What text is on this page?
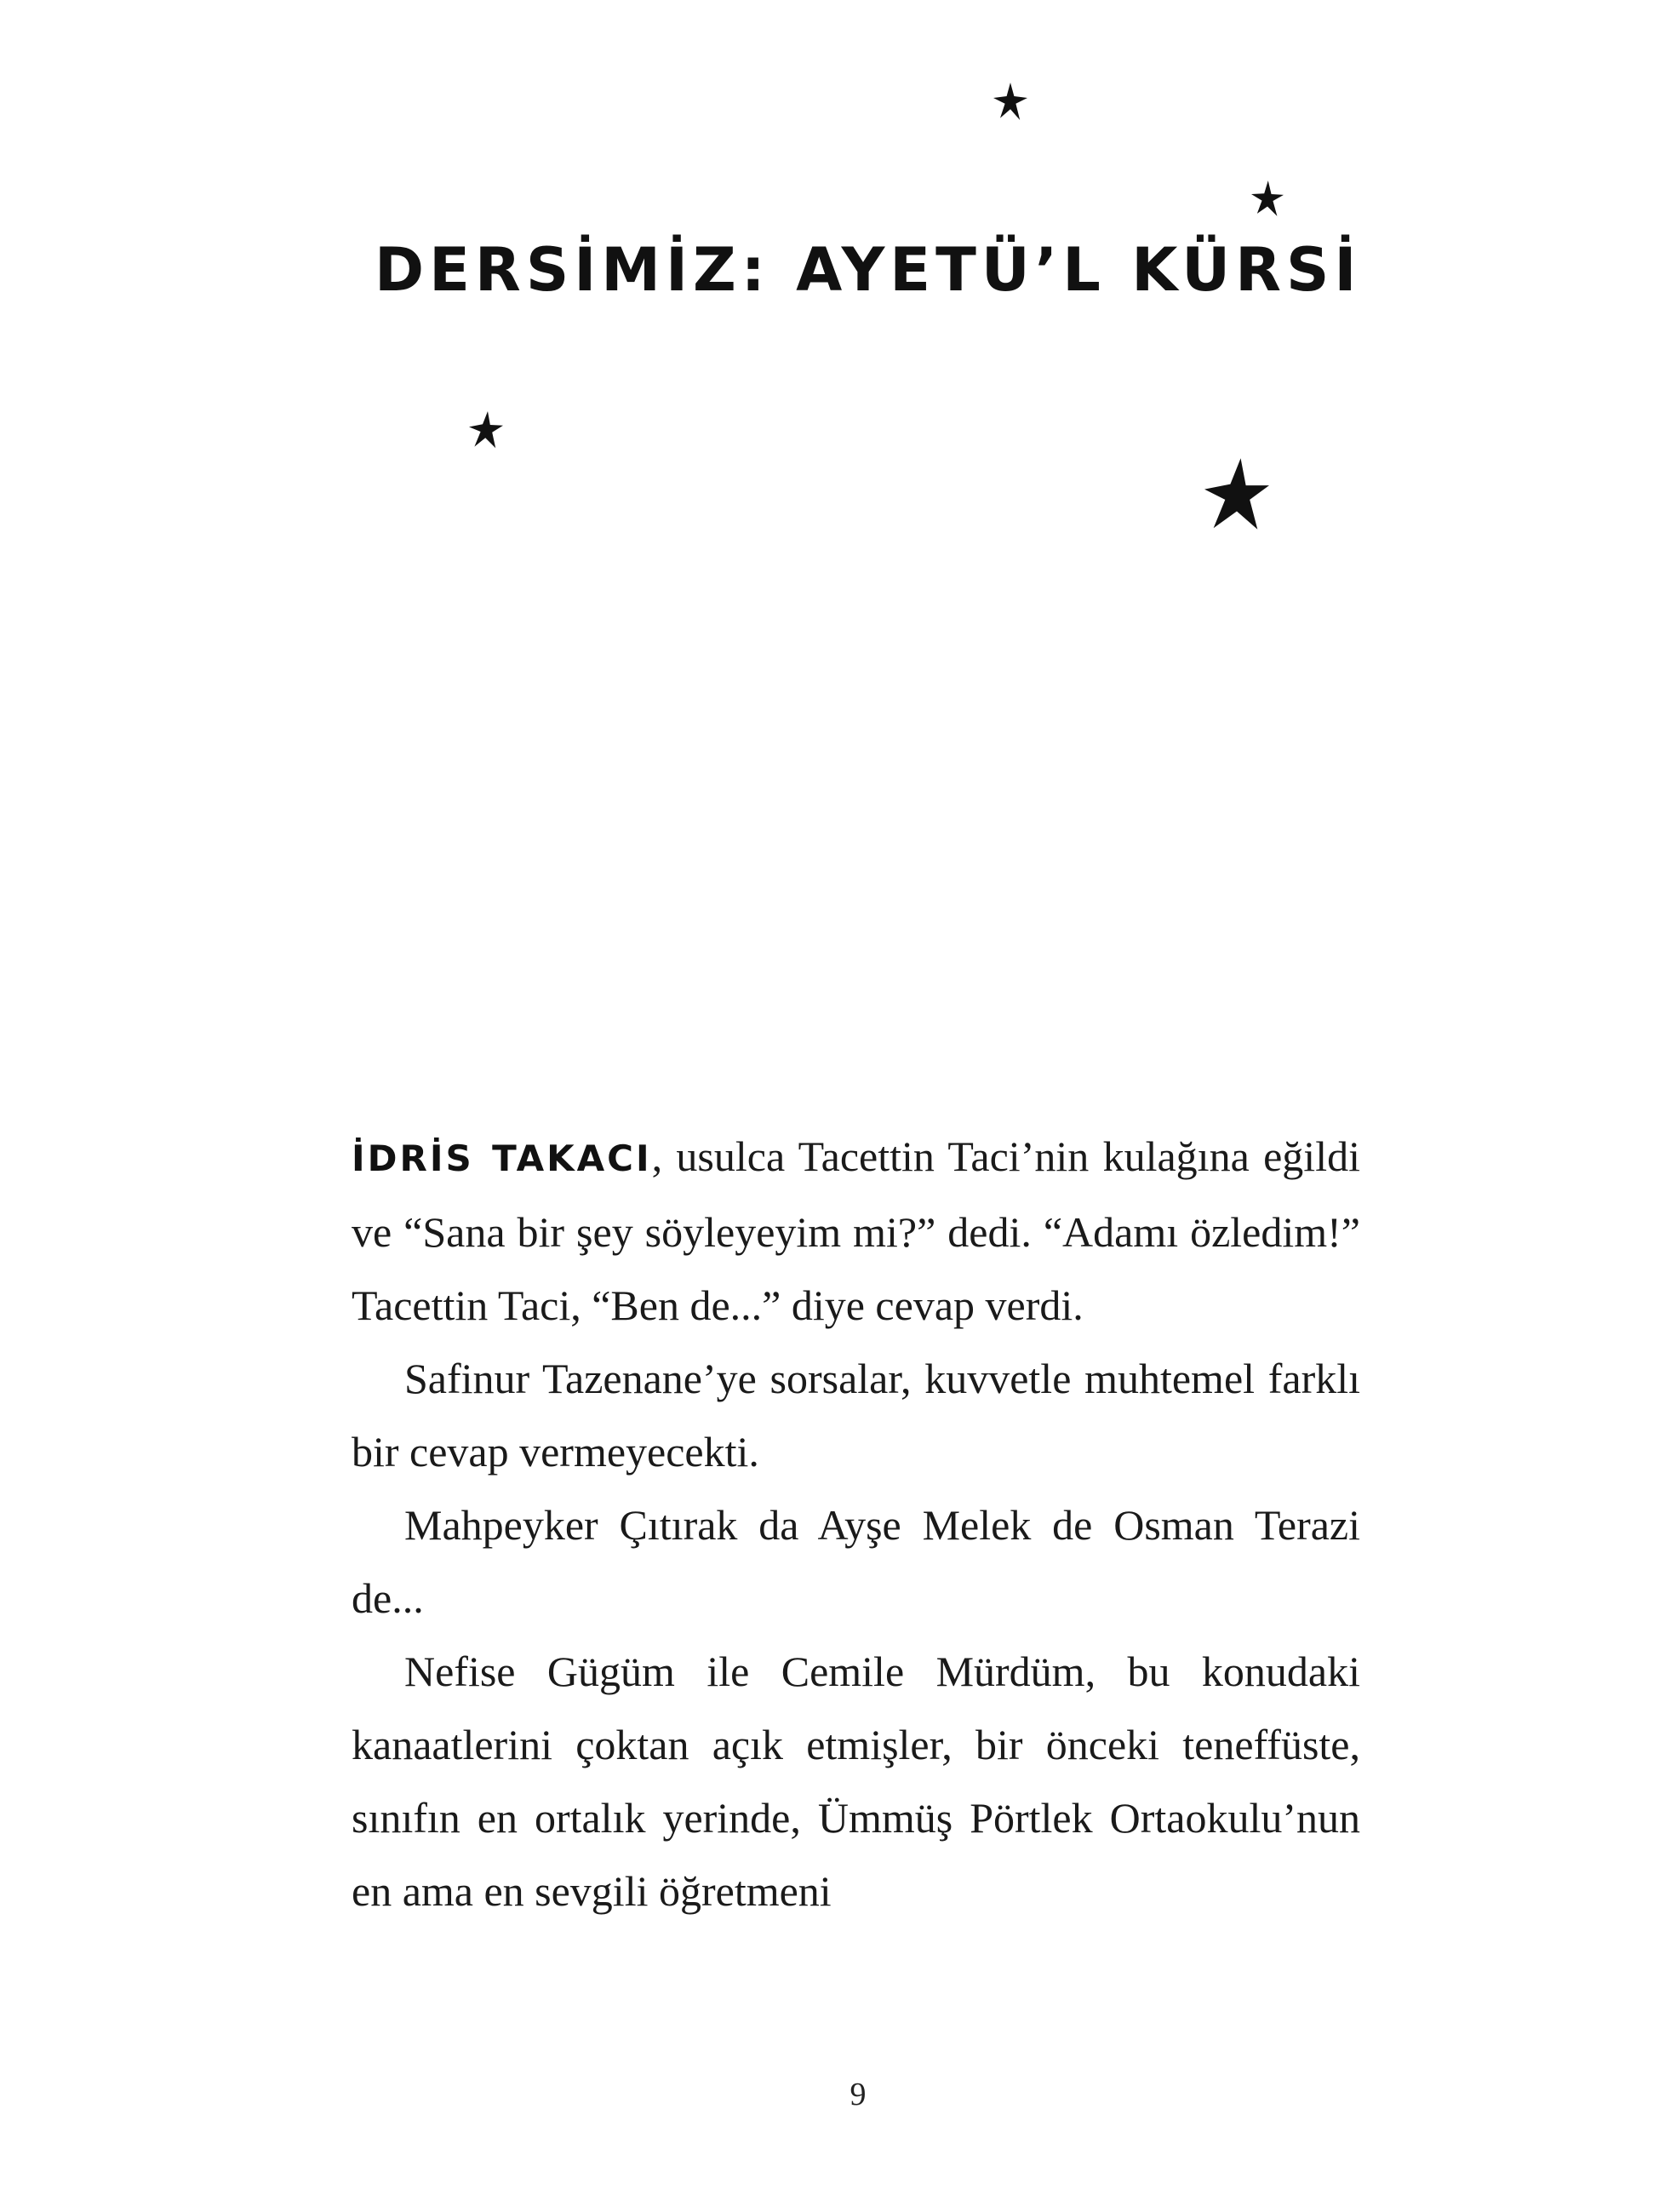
DERSİMİZ: AYETÜ’L KÜRSİ

İDRİS TAKACI, usulca Tacettin Taci’nin kulağına eğildi ve “Sana bir şey söyleyeyim mi?” dedi. “Adamı özledim!” Tacettin Taci, “Ben de...” diye cevap verdi.

Safinur Tazenane’ye sorsalar, kuvvetle muhtemel farklı bir cevap vermeyecekti.

Mahpeyker Çıtırak da Ayşe Melek de Osman Terazi de...

Nefise Gügüm ile Cemile Mürdüm, bu konudaki kanaatlerini çoktan açık etmişler, bir önceki teneffüste, sınıfın en ortalık yerinde, Ümmüş Pörtlek Ortaokulu’nun en ama en sevgili öğretmeni

9
